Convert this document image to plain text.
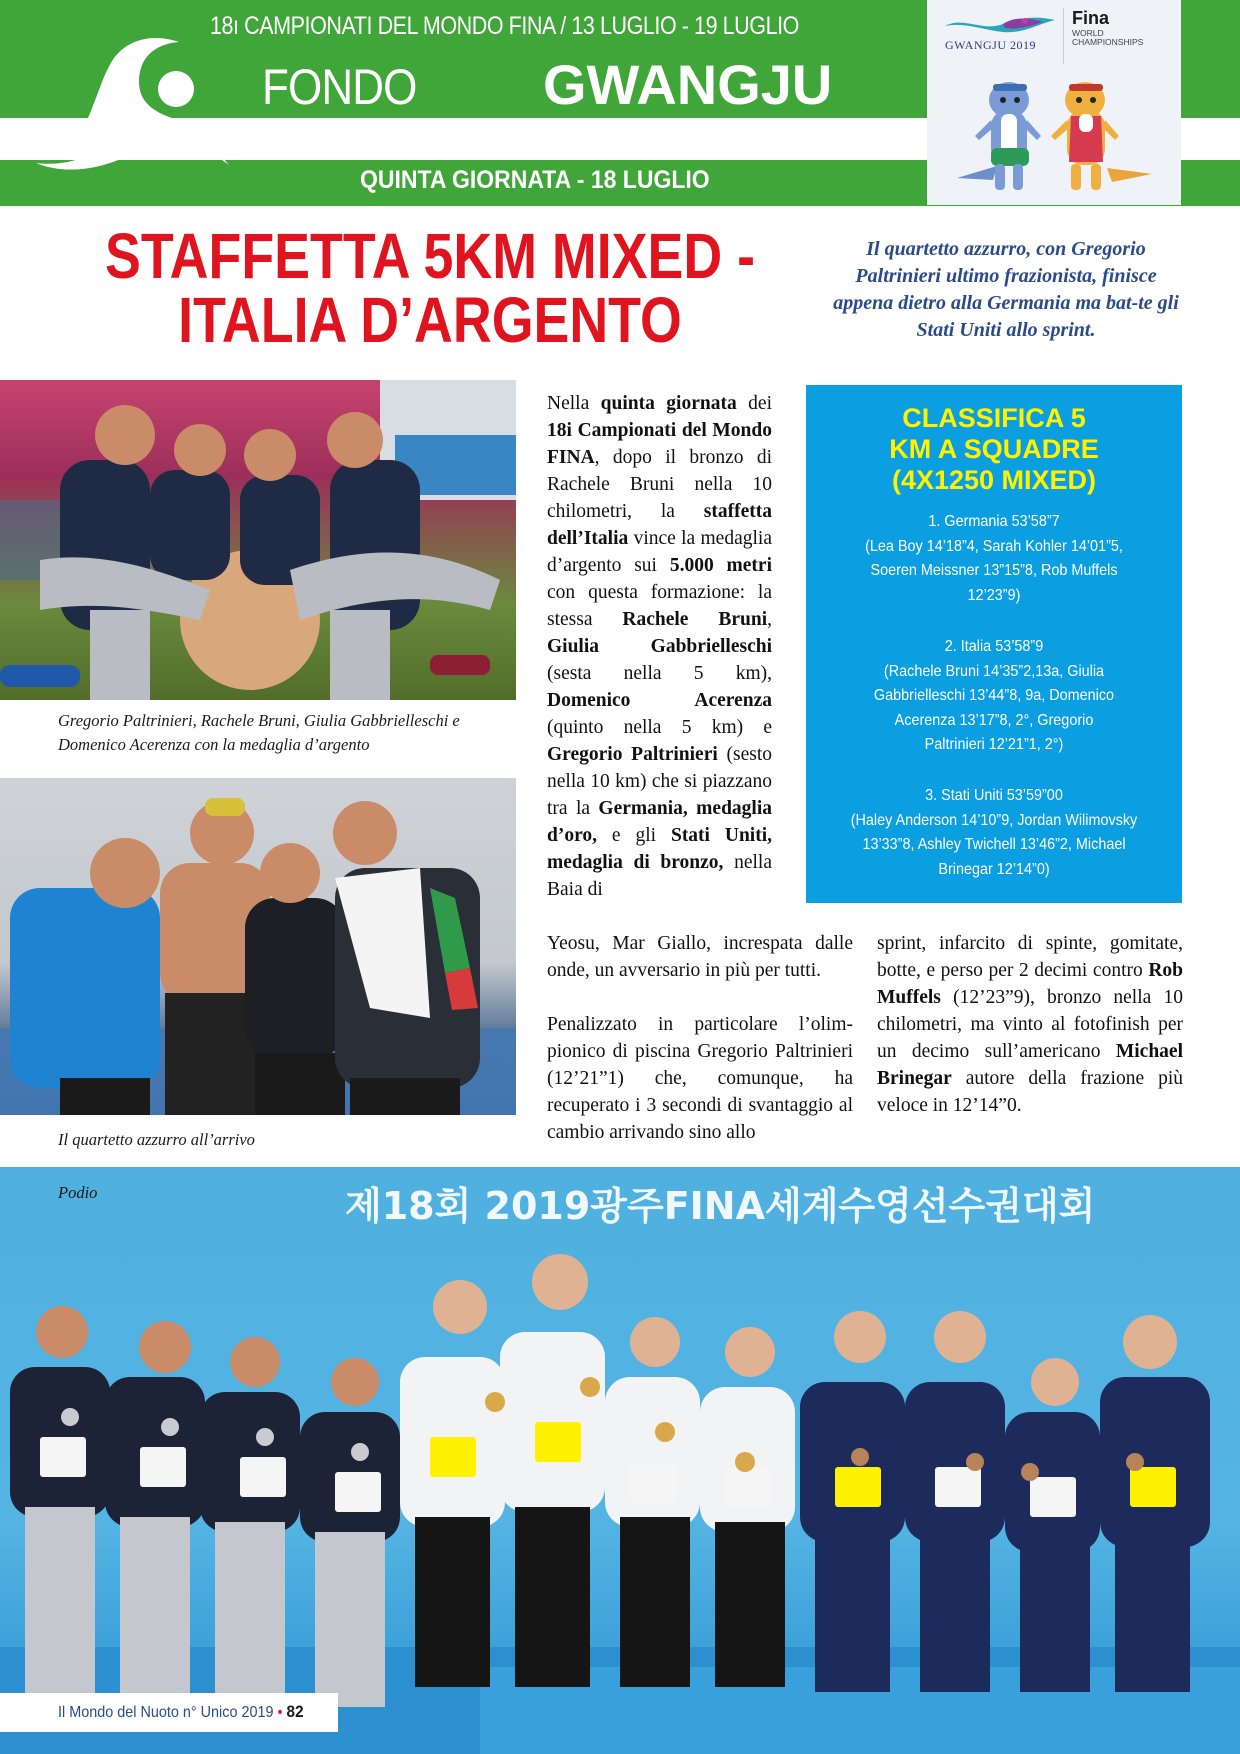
18ı CAMPIONATI DEL MONDO FINA / 13 LUGLIO - 19 LUGLIO
FONDO GWANGJU
QUINTA GIORNATA - 18 LUGLIO
GWANGJU 2019
Fina
WORLD
CHAMPIONSHIPS
STAFFETTA 5KM MIXED -
ITALIA D’ARGENTO
Il quartetto azzurro, con Gregorio Paltrinieri ultimo frazionista, finisce appena dietro alla Germania ma bat-te gli Stati Uniti allo sprint.
Gregorio Paltrinieri, Rachele Bruni, Giulia Gabbrielleschi e Domenico Acerenza con la medaglia d’argento
Il quartetto azzurro all’arrivo
Nella quinta giornata dei 18i Campionati del Mondo FINA, dopo il bronzo di Rachele Bruni nella 10 chilometri, la staffetta dell’Italia vince la medaglia d’argento sui 5.000 metri con questa formazione: la stessa Rachele Bruni, Giulia Gabbrielleschi (sesta nella 5 km), Domenico Acerenza (quinto nella 5 km) e Gregorio Paltrinieri (sesto nella 10 km) che si piazzano tra la Germania, medaglia d’oro, e gli Stati Uniti, medaglia di bronzo, nella Baia di
Yeosu, Mar Giallo, increspata dalle onde, un avversario in più per tutti.
Penalizzato in particolare l’olimpionico di piscina Gregorio Paltrinieri (12’21”1) che, comunque, ha recuperato i 3 secondi di svantaggio al cambio arrivando sino allo
sprint, infarcito di spinte, gomitate, botte, e perso per 2 decimi contro Rob Muffels (12’23”9), bronzo nella 10 chilometri, ma vinto al fotofinish per un decimo sull’americano Michael Brinegar autore della frazione più veloce in 12’14”0.
CLASSIFICA 5
KM A SQUADRE
(4X1250 MIXED)
1. Germania 53’58”7
(Lea Boy 14’18”4, Sarah Kohler 14’01”5,
Soeren Meissner 13”15”8, Rob Muffels
12’23”9)
2. Italia 53’58”9
(Rachele Bruni 14’35”2,13a, Giulia
Gabbrielleschi 13’44”8, 9a, Domenico
Acerenza 13’17”8, 2°, Gregorio
Paltrinieri 12’21”1, 2°)
3. Stati Uniti 53’59”00
(Haley Anderson 14’10”9, Jordan Wilimovsky
13’33”8, Ashley Twichell 13’46”2, Michael
Brinegar 12’14”0)
제18회 2019광주FINA세계수영선수권대회
Podio
Il Mondo del Nuoto n° Unico 2019 • 82
